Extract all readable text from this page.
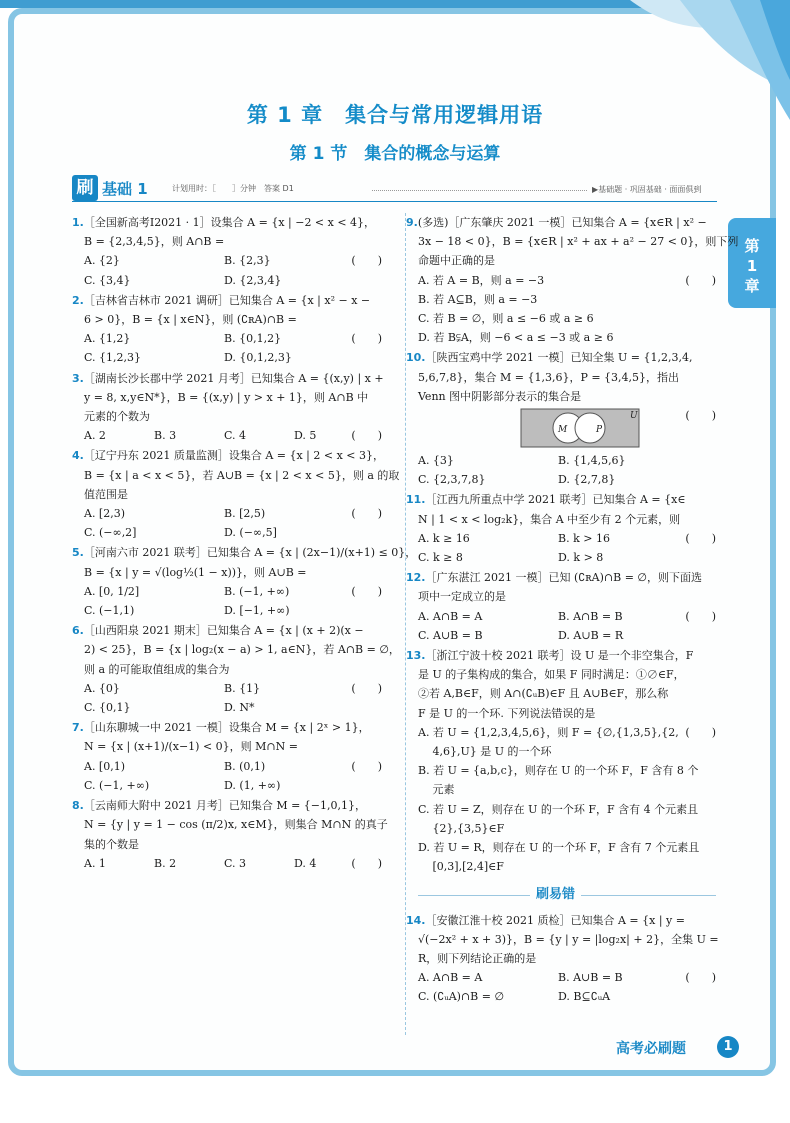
第 1 章　集合与常用逻辑用语
第 1 节　集合的概念与运算
刷 基础 1	计划用时：［　　］分钟　答案 D1	▶基础题 · 巩固基础 · 面面俱到
第
1
章
1.［全国新高考Ⅰ2021 · 1］设集合 A = {x | −2 < x < 4}，
B = {2,3,4,5}，则 A∩B =
(　　)
A. {2}	B. {2,3}
C. {3,4}	D. {2,3,4}
2.［吉林省吉林市 2021 调研］已知集合 A = {x | x² − x −
6 > 0}，B = {x | x∈N}，则 (∁ʀA)∩B =
(　　)
A. {1,2}	B. {0,1,2}
C. {1,2,3}	D. {0,1,2,3}
3.［湖南长沙长郡中学 2021 月考］已知集合 A = {(x,y) | x +
y = 8, x,y∈N*}，B = {(x,y) | y > x + 1}，则 A∩B 中
元素的个数为
(　　)
A. 2	B. 3	C. 4	D. 5
4.［辽宁丹东 2021 质量监测］设集合 A = {x | 2 < x < 3}，
B = {x | a < x < 5}，若 A∪B = {x | 2 < x < 5}，则 a 的取
值范围是
(　　)
A. [2,3)	B. [2,5)
C. (−∞,2]	D. (−∞,5]
5.［河南六市 2021 联考］已知集合 A = {x | (2x−1)/(x+1) ≤ 0}，
B = {x | y = √(log½(1 − x))}，则 A∪B =
(　　)
A. [0, 1/2]	B. (−1, +∞)
C. (−1,1)	D. [−1, +∞)
6.［山西阳泉 2021 期末］已知集合 A = {x | (x + 2)(x −
2) < 25}，B = {x | log₂(x − a) > 1, a∈N}，若 A∩B = ∅，
则 a 的可能取值组成的集合为
(　　)
A. {0}	B. {1}
C. {0,1}	D. N*
7.［山东聊城一中 2021 一模］设集合 M = {x | 2ˣ > 1}，
N = {x | (x+1)/(x−1) < 0}，则 M∩N =
(　　)
A. [0,1)	B. (0,1)
C. (−1, +∞)	D. (1, +∞)
8.［云南师大附中 2021 月考］已知集合 M = {−1,0,1}，
N = {y | y = 1 − cos (π/2)x, x∈M}，则集合 M∩N 的真子
集的个数是
(　　)
A. 1	B. 2	C. 3	D. 4
9.(多选)［广东肇庆 2021 一模］已知集合 A = {x∈R | x² −
3x − 18 < 0}，B = {x∈R | x² + ax + a² − 27 < 0}，则下列
命题中正确的是
(　　)
A. 若 A = B，则 a = −3
B. 若 A⊆B，则 a = −3
C. 若 B = ∅，则 a ≤ −6 或 a ≥ 6
D. 若 B⫋A，则 −6 < a ≤ −3 或 a ≥ 6
10.［陕西宝鸡中学 2021 一模］已知全集 U = {1,2,3,4,
5,6,7,8}，集合 M = {1,3,6}，P = {3,4,5}，指出
Venn 图中阴影部分表示的集合是
(　　)
U
M	P
A. {3}	B. {1,4,5,6}
C. {2,3,7,8}	D. {2,7,8}
11.［江西九所重点中学 2021 联考］已知集合 A = {x∈
N | 1 < x < log₂k}，集合 A 中至少有 2 个元素，则
(　　)
A. k ≥ 16	B. k > 16
C. k ≥ 8	D. k > 8
12.［广东湛江 2021 一模］已知 (∁ʀA)∩B = ∅，则下面选
项中一定成立的是
(　　)
A. A∩B = A	B. A∩B = B
C. A∪B = B	D. A∪B = R
13.［浙江宁波十校 2021 联考］设 U 是一个非空集合，F
是 U 的子集构成的集合，如果 F 同时满足：①∅∈F，
②若 A,B∈F，则 A∩(∁ᵤB)∈F 且 A∪B∈F，那么称
F 是 U 的一个环. 下列说法错误的是
(　　)
A. 若 U = {1,2,3,4,5,6}，则 F = {∅,{1,3,5},{2,
　 4,6},U} 是 U 的一个环
B. 若 U = {a,b,c}，则存在 U 的一个环 F，F 含有 8 个
　 元素
C. 若 U = Z，则存在 U 的一个环 F，F 含有 4 个元素且
　 {2},{3,5}∈F
D. 若 U = R，则存在 U 的一个环 F，F 含有 7 个元素且
　 [0,3],[2,4]∈F
刷易错
14.［安徽江淮十校 2021 质检］已知集合 A = {x | y =
√(−2x² + x + 3)}，B = {y | y = |log₂x| + 2}，全集 U =
R，则下列结论正确的是
(　　)
A. A∩B = A	B. A∪B = B
C. (∁ᵤA)∩B = ∅	D. B⊆∁ᵤA
高考必刷题	1
